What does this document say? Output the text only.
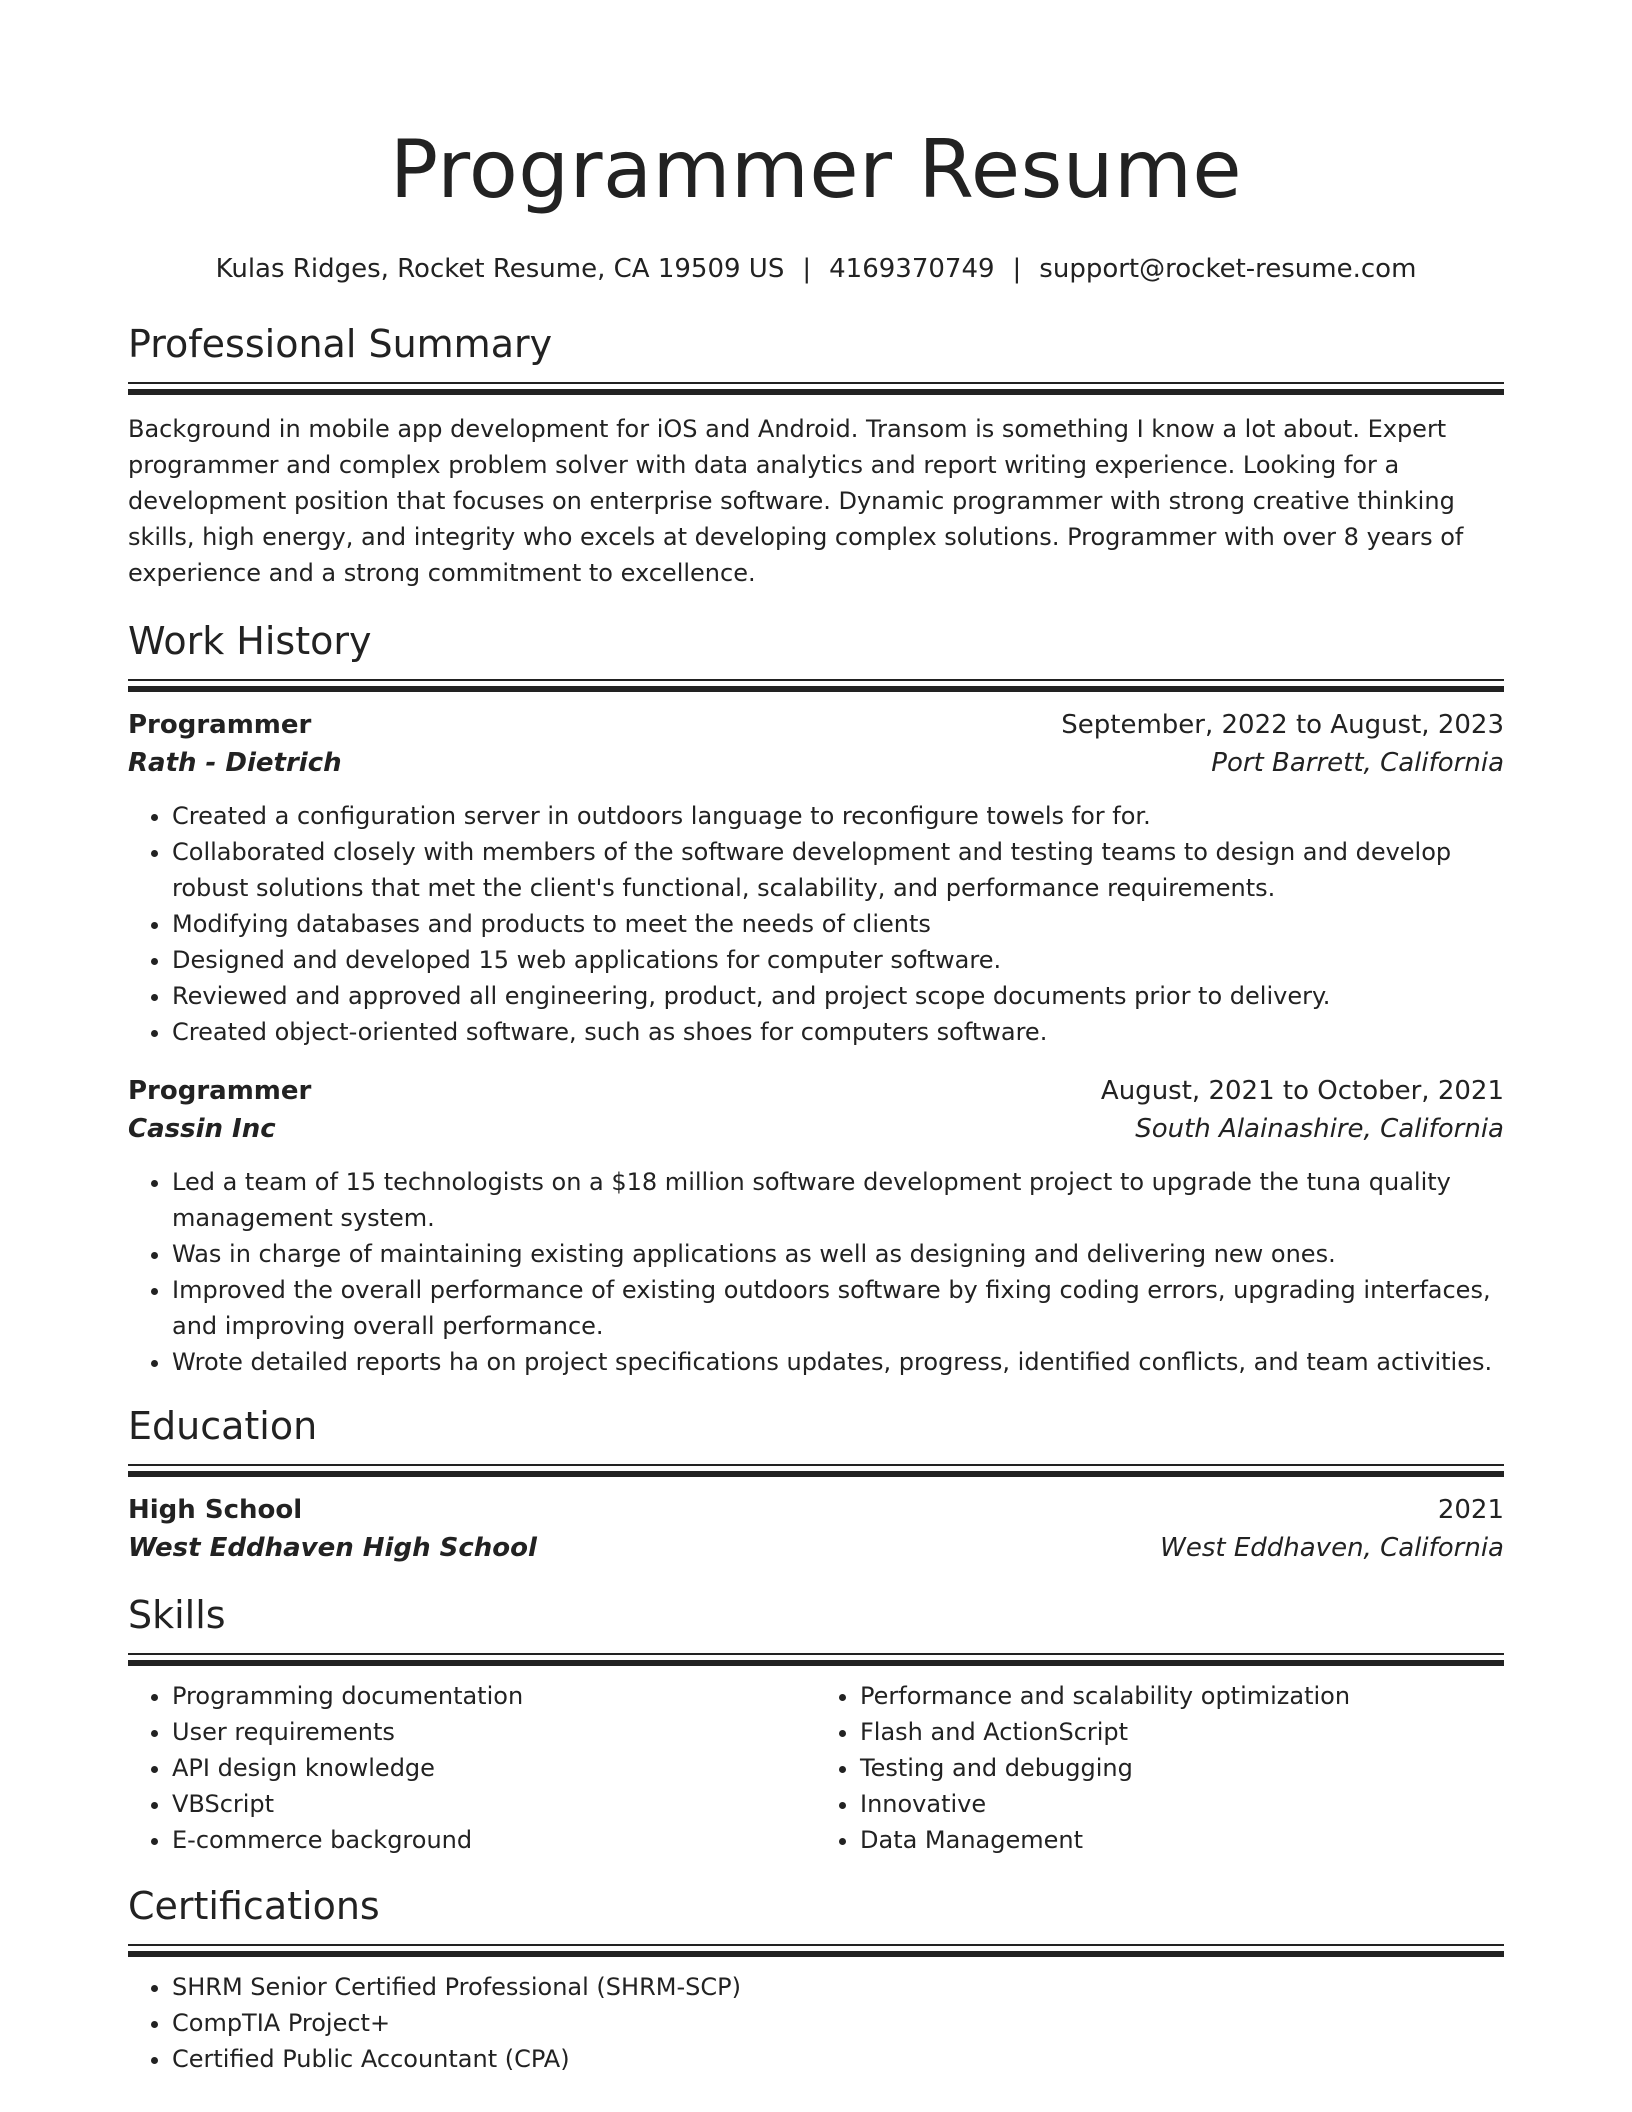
Programmer Resume
Kulas Ridges, Rocket Resume, CA 19509 US | 4169370749 | support@rocket-resume.com
Professional Summary
Background in mobile app development for iOS and Android. Transom is something I know a lot about. Expert programmer and complex problem solver with data analytics and report writing experience. Looking for a development position that focuses on enterprise software. Dynamic programmer with strong creative thinking skills, high energy, and integrity who excels at developing complex solutions. Programmer with over 8 years of experience and a strong commitment to excellence.
Work History
Programmer	September, 2022 to August, 2023
Rath - Dietrich	Port Barrett, California
• Created a configuration server in outdoors language to reconfigure towels for for.
• Collaborated closely with members of the software development and testing teams to design and develop robust solutions that met the client's functional, scalability, and performance requirements.
• Modifying databases and products to meet the needs of clients
• Designed and developed 15 web applications for computer software.
• Reviewed and approved all engineering, product, and project scope documents prior to delivery.
• Created object-oriented software, such as shoes for computers software.
Programmer	August, 2021 to October, 2021
Cassin Inc	South Alainashire, California
• Led a team of 15 technologists on a $18 million software development project to upgrade the tuna quality management system.
• Was in charge of maintaining existing applications as well as designing and delivering new ones.
• Improved the overall performance of existing outdoors software by fixing coding errors, upgrading interfaces, and improving overall performance.
• Wrote detailed reports ha on project specifications updates, progress, identified conflicts, and team activities.
Education
High School	2021
West Eddhaven High School	West Eddhaven, California
Skills
• Programming documentation
• User requirements
• API design knowledge
• VBScript
• E-commerce background
• Performance and scalability optimization
• Flash and ActionScript
• Testing and debugging
• Innovative
• Data Management
Certifications
• SHRM Senior Certified Professional (SHRM-SCP)
• CompTIA Project+
• Certified Public Accountant (CPA)
